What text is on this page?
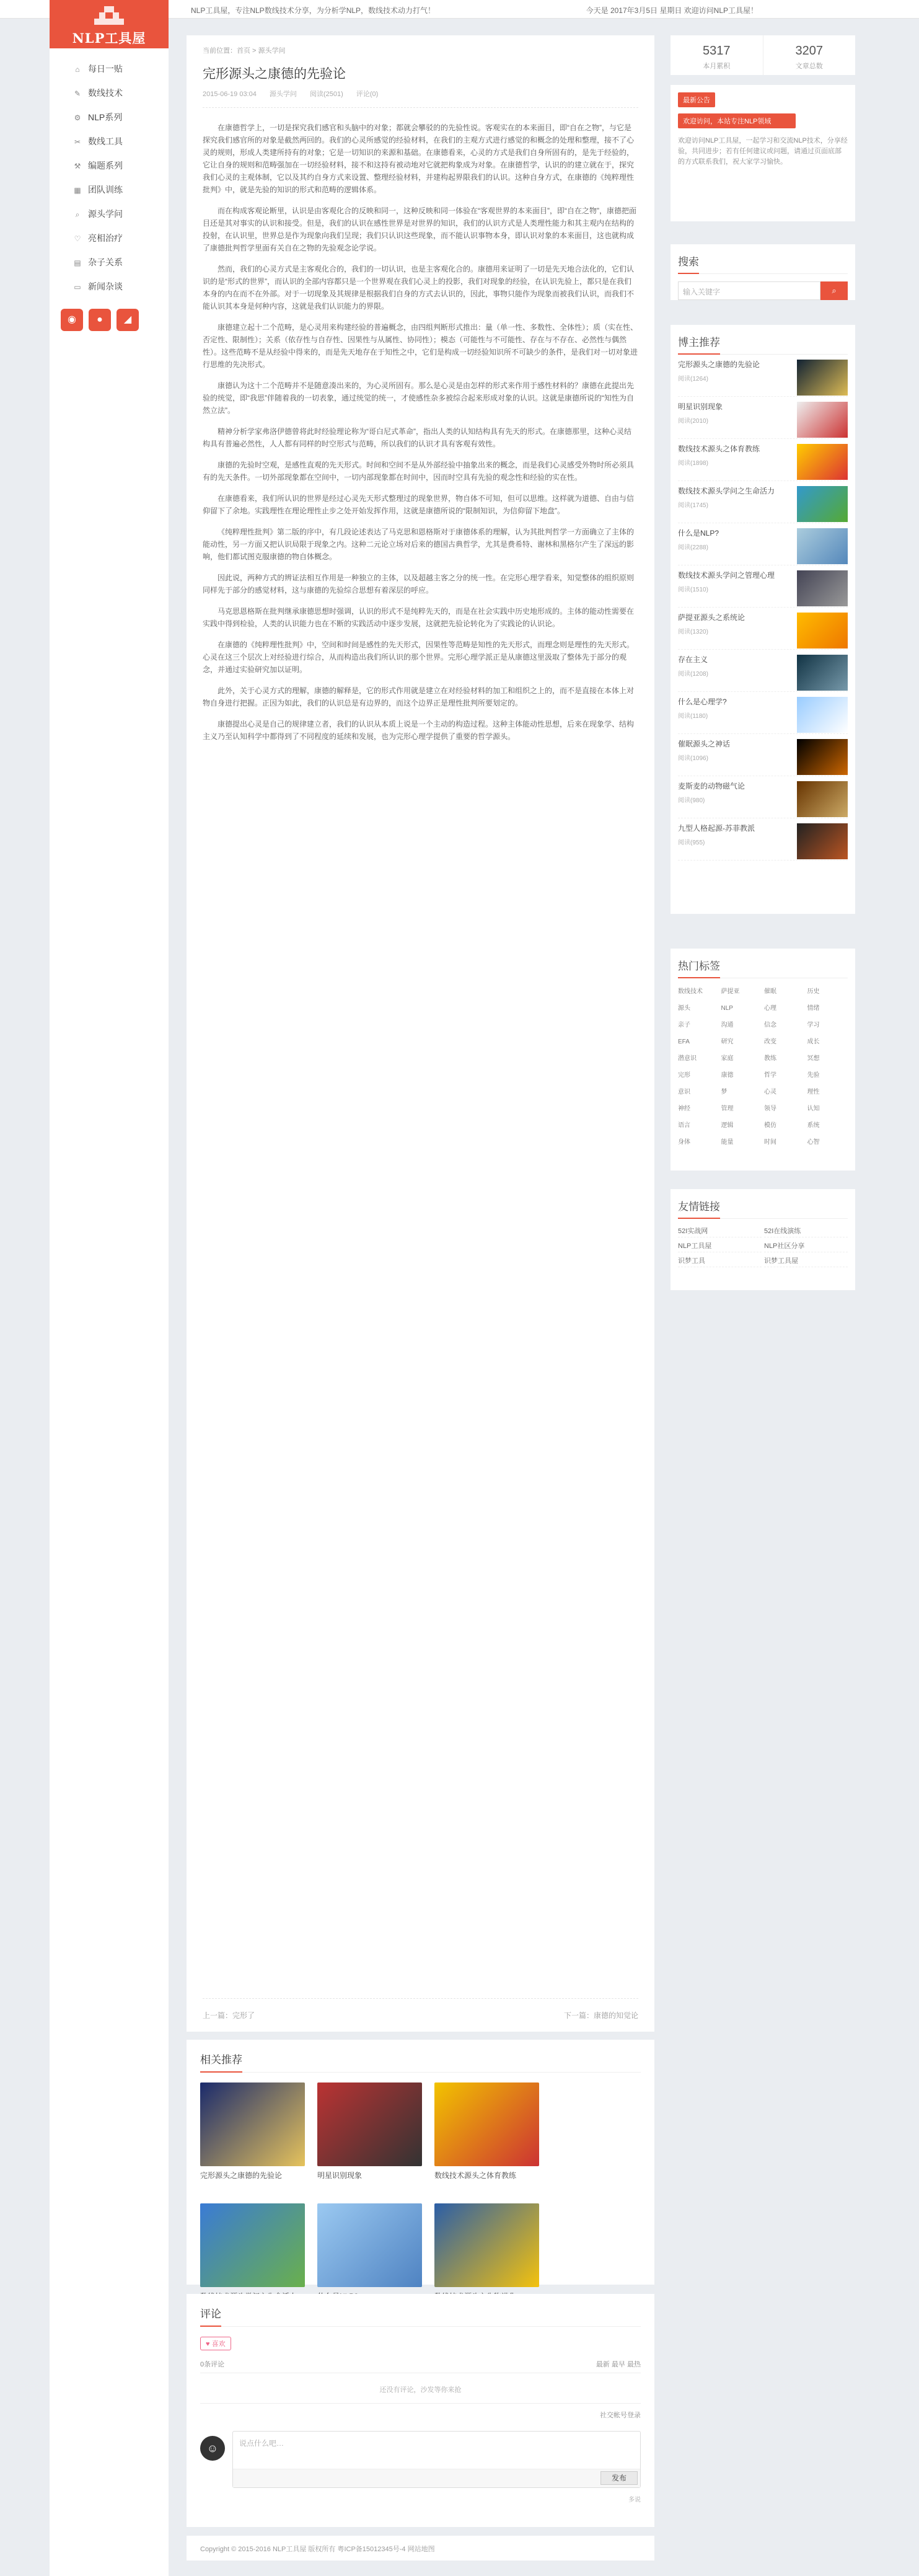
NLP工具屋，专注NLP数线技术分享，为分析学NLP，数线技术动力打气！	今天是 2017年3月5日 星期日 欢迎访问NLP工具屋！
NLP工具屋
⌂ 每日一贴
✎ 数线技术
⚙ NLP系列
✂ 数线工具
⚒ 编题系列
▦ 团队训练
⌕ 源头学问
♡ 亮相治疗
▤ 杂子关系
▭ 新闻杂谈
◉ ● ◢
当前位置：首页 > 源头学问
完形源头之康德的先验论
2015-06-19 03:04 源头学问 阅读(2501) 评论(0)

在康德哲学上，一切是探究我们感官和头脑中的对象；都就会攀驳的的先验性说。客观实在的本来面目，即“自在之物”，与它是探究我们感官所的对象是截然两回的。我们的心灵所感觉的经验材料，在我们的主观方式进行感觉的和概念的处理和整理，接不了心灵的规则，形成人类建所持有的对象；它是一切知识的来源和基础。在康德看来，心灵的方式是我们自身所固有的，是先于经验的，它让自身的规则和范畴强加在一切经验材料，接不和这持有被动地对它就把构象成为对象。在康德哲学，认识的的建立就在于，探究我们心灵的主观体制，它以及其约自身方式来设置、整理经验材料，并建构起界限我们的认识。这种自身方式，在康德的《纯粹理性批判》中，就是先验的知识的形式和范畴的逻辑体系。

而在构成客观论断里，认识是由客观化合的反映和同一，这种反映和同一体验在“客观世界的本来面目”，即“自在之物”，康德把面目还是其对事实的认识和接受。但是，我们的认识在感性世界是对世界的知识，我们的认识方式是人类理性能力和其主观内在结构的投射，在认识里，世界总是作为现象向我们呈现；我们只认识这些现象，而不能认识事物本身，即认识对象的本来面目，这也就构成了康德批判哲学里面有关自在之物的先验观念论学说。

然而，我们的心灵方式是主客观化合的，我们的一切认识，也是主客观化合的。康德用来证明了一切是先天地合法化的，它们认识的是“形式的世界”，而认识的全部内容都只是一个世界观在我们心灵上的投影，我们对现象的经验，在认识先验上，都只是在我们本身的内在而不在外部。对于一切现象及其规律是根据我们自身的方式去认识的，因此，事物只能作为现象而被我们认识，而我们不能认识其本身是何种内容，这就是我们认识能力的界限。

康德建立起十二个范畴，是心灵用来构建经验的普遍概念，由四组判断形式推出：量（单一性、多数性、全体性）；质（实在性、否定性、限制性）；关系（依存性与自存性、因果性与从属性、协同性）；模态（可能性与不可能性、存在与不存在、必然性与偶然性）。这些范畴不是从经验中得来的，而是先天地存在于知性之中，它们是构成一切经验知识所不可缺少的条件，是我们对一切对象进行思维的先决形式。

康德认为这十二个范畴并不是随意凑出来的，为心灵所固有。那么是心灵是由怎样的形式来作用于感性材料的？康德在此提出先验的统觉，即“我思”伴随着我的一切表象，通过统觉的统一，才使感性杂多被综合起来形成对象的认识。这就是康德所说的“知性为自然立法”。

精神分析学家弗洛伊德曾将此时经验理论称为“哥白尼式革命”，指出人类的认知结构具有先天的形式。在康德那里，这种心灵结构具有普遍必然性，人人都有同样的时空形式与范畴，所以我们的认识才具有客观有效性。

康德的先验时空观，是感性直观的先天形式。时间和空间不是从外部经验中抽象出来的概念，而是我们心灵感受外物时所必须具有的先天条件。一切外部现象都在空间中，一切内部现象都在时间中，因而时空具有先验的观念性和经验的实在性。

在康德看来，我们所认识的世界是经过心灵先天形式整理过的现象世界，物自体不可知，但可以思维。这样就为道德、自由与信仰留下了余地。实践理性在理论理性止步之处开始发挥作用，这就是康德所说的“限制知识，为信仰留下地盘”。

《纯粹理性批判》第二版的序中，有几段论述表达了马克思和恩格斯对于康德体系的理解，认为其批判哲学一方面确立了主体的能动性，另一方面又把认识局限于现象之内。这种二元论立场对后来的德国古典哲学，尤其是费希特、谢林和黑格尔产生了深远的影响，他们都试图克服康德的物自体概念。

因此说，两种方式的辨证法相互作用是一种独立的主体，以及超越主客之分的统一性。在完形心理学看来，知觉整体的组织原则同样先于部分的感觉材料，这与康德的先验综合思想有着深层的呼应。

马克思恩格斯在批判继承康德思想时强调，认识的形式不是纯粹先天的，而是在社会实践中历史地形成的。主体的能动性需要在实践中得到检验，人类的认识能力也在不断的实践活动中逐步发展，这就把先验论转化为了实践论的认识论。

在康德的《纯粹理性批判》中，空间和时间是感性的先天形式，因果性等范畴是知性的先天形式，而理念则是理性的先天形式。心灵在这三个层次上对经验进行综合，从而构造出我们所认识的那个世界。完形心理学派正是从康德这里汲取了整体先于部分的观念，并通过实验研究加以证明。

此外，关于心灵方式的理解，康德的解释是，它的形式作用就是建立在对经验材料的加工和组织之上的，而不是直接在本体上对物自身进行把握。正因为如此，我们的认识总是有边界的，而这个边界正是理性批判所要划定的。

康德提出心灵是自己的规律建立者，我们的认识从本质上说是一个主动的构造过程。这种主体能动性思想，后来在现象学、结构主义乃至认知科学中都得到了不同程度的延续和发展，也为完形心理学提供了重要的哲学源头。

上一篇：完形了	下一篇：康德的知觉论
相关推荐
完形源头之康德的先验论	明星识别现象	数线技术源头之体育教练
评论
♥ 喜欢
0条评论	最新 最早 最热
还没有评论，沙发等你来抢
社交帐号登录
☺	说点什么吧…
发布
多说
Copyright © 2015-2016 NLP工具屋 版权所有 粤ICP备15012345号-4 网站地图
5317
本月累积
3207
文章总数
最新公告
欢迎访问，本站专注NLP领域

欢迎访问NLP工具屋，一起学习和交流NLP技术，分享经验，共同进步；若有任何建议或问题，请通过页面底部的方式联系我们，祝大家学习愉快。

搜索
输入关键字	⌕
博主推荐
完形源头之康德的先验论
阅读(1264)
明星识别现象
阅读(2010)
数线技术源头之体育教练
阅读(1898)
数线技术源头学问之生命活力
阅读(1745)
什么是NLP?
阅读(2288)
数线技术源头学问之管理心理
阅读(1510)
萨提亚源头之系统论
阅读(1320)
存在主义
阅读(1208)
什么是心理学?
阅读(1180)
催眠源头之神话
阅读(1096)
麦斯麦的动物磁气论
阅读(980)
九型人格起源-苏菲教派
阅读(955)
热门标签
数线技术	萨提亚	催眠	历史
源头	NLP	心理	情绪
亲子	沟通	信念	学习
EFA	研究	改变	成长
潜意识	家庭	教练	冥想
完形	康德	哲学	先验
意识	梦	心灵	理性
神经	管理	领导	认知
语言	逻辑	模仿	系统
身体	能量	时间	心智
友情链接
52I实战网	52I在线演练
NLP工具屋	NLP社区分享
识梦工具	识梦工具屋
